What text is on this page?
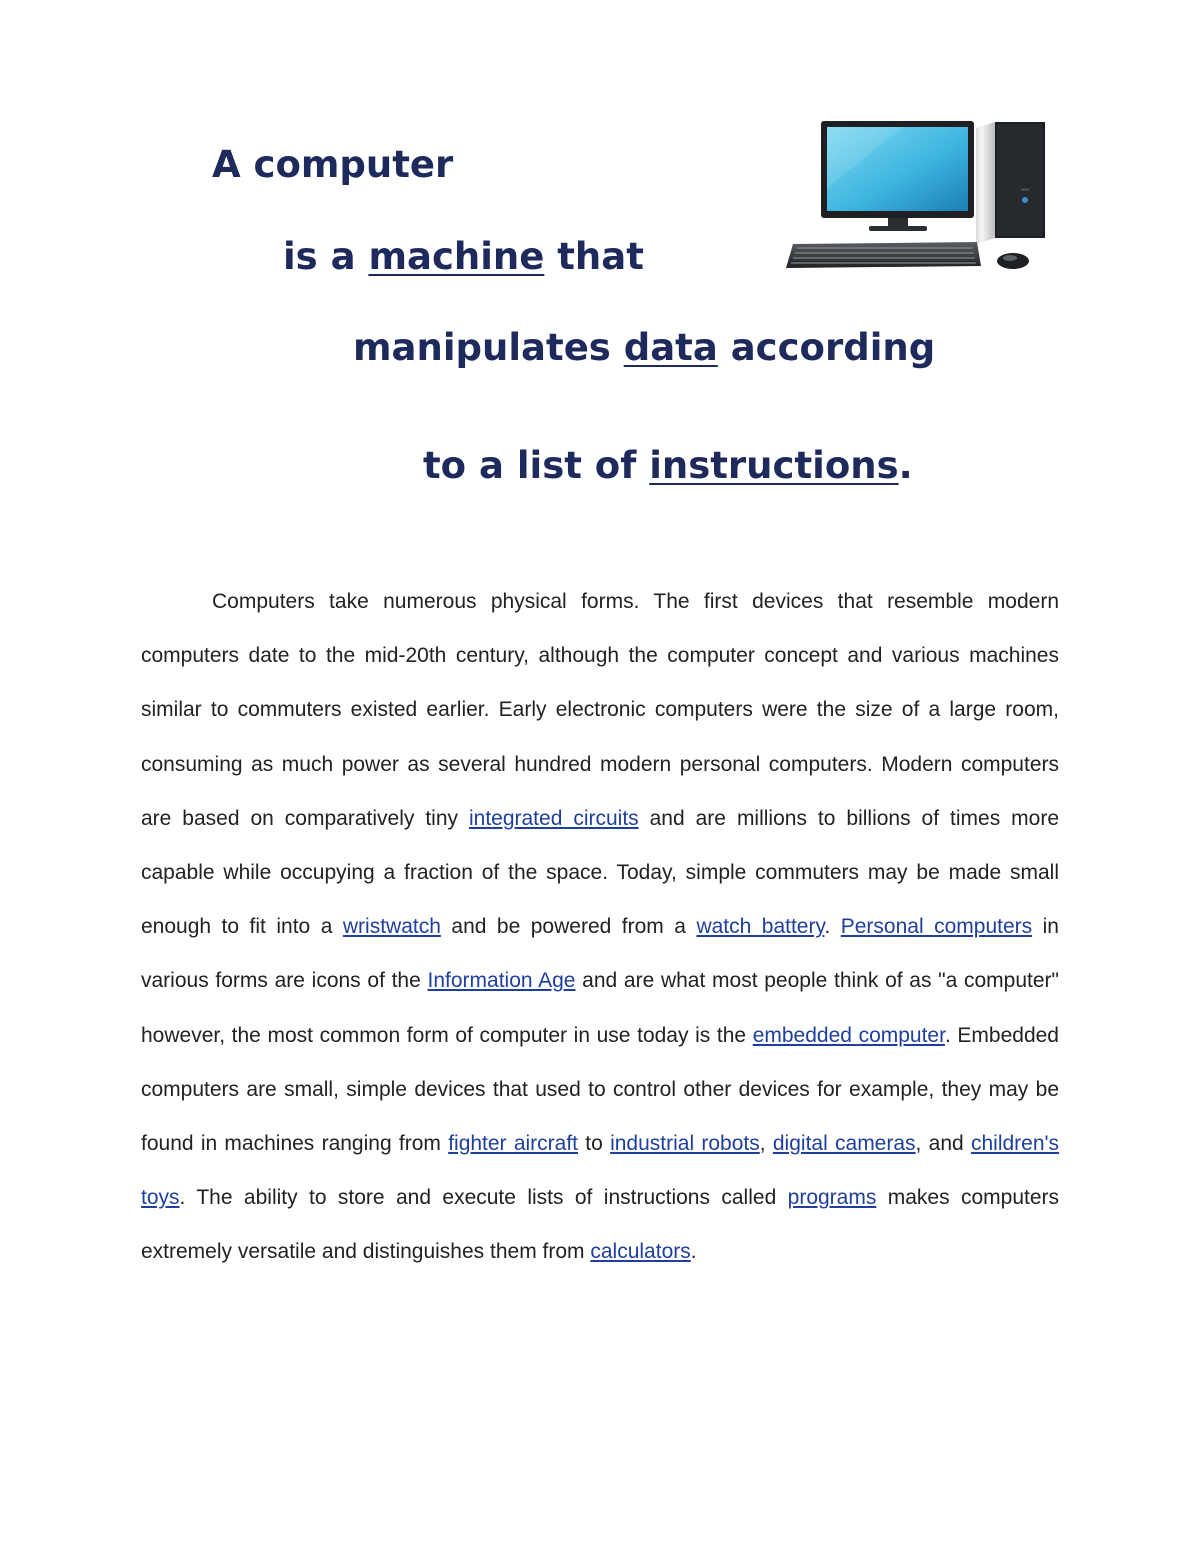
A computer
is a machine that
manipulates data according
to a list of instructions.

Computers take numerous physical forms. The first devices that resemble modern computers date to the mid-20th century, although the computer concept and various machines similar to commuters existed earlier. Early electronic computers were the size of a large room, consuming as much power as several hundred modern personal computers. Modern computers are based on comparatively tiny integrated circuits and are millions to billions of times more capable while occupying a fraction of the space. Today, simple commuters may be made small enough to fit into a wristwatch and be powered from a watch battery. Personal computers in various forms are icons of the Information Age and are what most people think of as "a computer" however, the most common form of computer in use today is the embedded computer. Embedded computers are small, simple devices that used to control other devices for example, they may be found in machines ranging from fighter aircraft to industrial robots, digital cameras, and children's toys. The ability to store and execute lists of instructions called programs makes computers extremely versatile and distinguishes them from calculators.
